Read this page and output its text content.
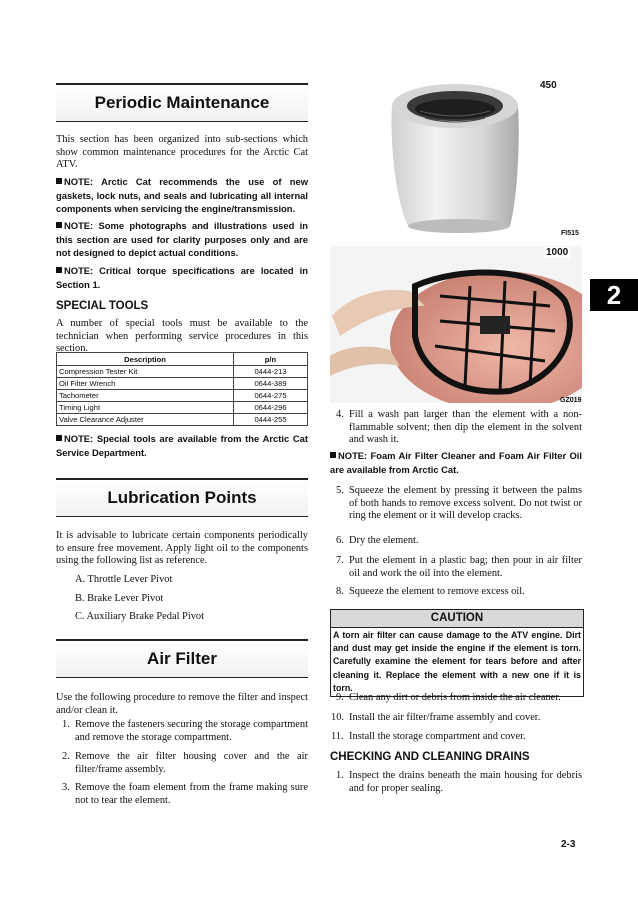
Periodic Maintenance
This section has been organized into sub-sections which show common maintenance procedures for the Arctic Cat ATV.
NOTE: Arctic Cat recommends the use of new gaskets, lock nuts, and seals and lubricating all internal components when servicing the engine/transmission.
NOTE: Some photographs and illustrations used in this section are used for clarity purposes only and are not designed to depict actual conditions.
NOTE: Critical torque specifications are located in Section 1.
SPECIAL TOOLS
A number of special tools must be available to the technician when performing service procedures in this section.
Description	p/n
Compression Tester Kit	0444-213
Oil Filter Wrench	0644-389
Tachometer	0644-275
Timing Light	0644-296
Valve Clearance Adjuster	0444-255
NOTE: Special tools are available from the Arctic Cat Service Department.
Lubrication Points
It is advisable to lubricate certain components periodically to ensure free movement. Apply light oil to the components using the following list as reference.
A. Throttle Lever Pivot
B. Brake Lever Pivot
C. Auxiliary Brake Pedal Pivot
Air Filter
Use the following procedure to remove the filter and inspect and/or clean it.
1. Remove the fasteners securing the storage compartment and remove the storage compartment.
2. Remove the air filter housing cover and the air filter/frame assembly.
3. Remove the foam element from the frame making sure not to tear the element.
450
FI515
1000
GZ019
4. Fill a wash pan larger than the element with a non-flammable solvent; then dip the element in the solvent and wash it.
NOTE: Foam Air Filter Cleaner and Foam Air Filter Oil are available from Arctic Cat.
5. Squeeze the element by pressing it between the palms of both hands to remove excess solvent. Do not twist or ring the element or it will develop cracks.
6. Dry the element.
7. Put the element in a plastic bag; then pour in air filter oil and work the oil into the element.
8. Squeeze the element to remove excess oil.
CAUTION
A torn air filter can cause damage to the ATV engine. Dirt and dust may get inside the engine if the element is torn. Carefully examine the element for tears before and after cleaning it. Replace the element with a new one if it is torn.
9. Clean any dirt or debris from inside the air cleaner.
10. Install the air filter/frame assembly and cover.
11. Install the storage compartment and cover.
CHECKING AND CLEANING DRAINS
1. Inspect the drains beneath the main housing for debris and for proper sealing.
2
2-3
